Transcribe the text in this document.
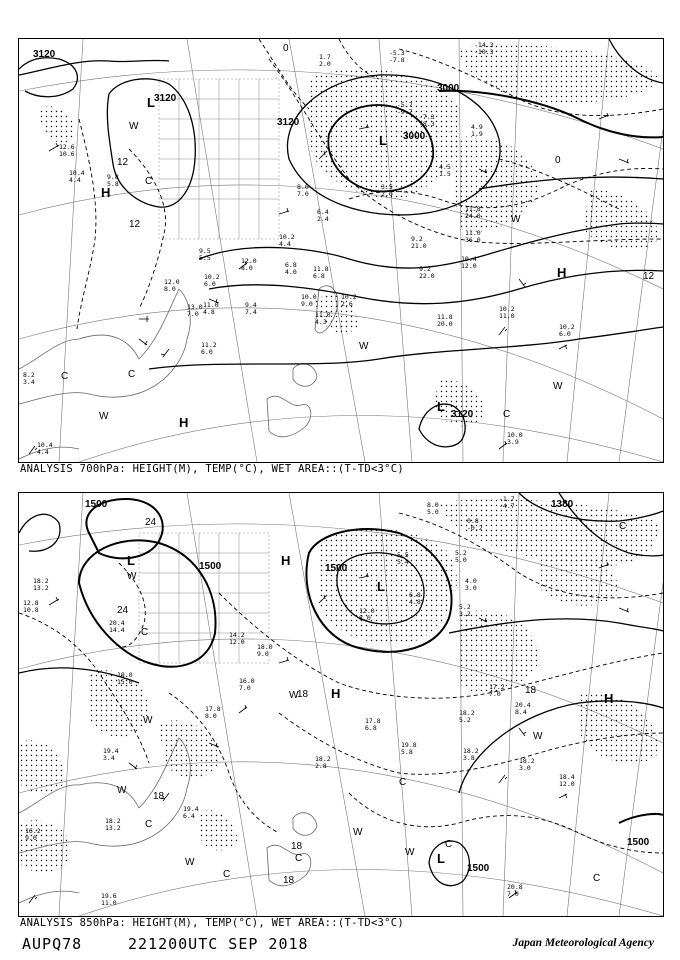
L
L
L
H
H
H
W
W
W
W
W
C
C	C
C
3120
3120
3120
3000
3000
3120
12
12
0
0
12
12.6
10.6
10.4
4.4	9.8
5.8
1.7
2.0
-5.3
-7.8
-14.3
-10.3
-5.7
-9.7
-7.3
-8.3
4.5
1.5
4.9
1.9
8.0
7.0
6.4
2.4
3.5
2.0
11.8
24.0
11.0
36.0
9.2
21.0
10.4
12.0
9.2
22.0
10.2
4.4
12.0
8.0
9.5
5.5
10.2
6.0
11.0
4.8
9.4
7.4
6.8
4.0
10.0
9.0
11.8
6.8
11.0
4.3
10.2
2.6
12.0
8.0
11.2
6.0
13.0
7.0	11.8
20.0
10.2
11.0
10.2
6.0
10.0
3.9
10.4
4.4
8.2
3.4
ANALYSIS 700hPa: HEIGHT(M), TEMP(°C), WET AREA::(T-TD<3°C)
L
L
L
H
H
H
W
W
W
W
W
W
W
W
C
C
C
C
C
C
C
C
1500
1500	1500
1380
1500
1500
24
24
18	18
18
18
18
18.2
13.2
12.8
10.8
20.4
14.4
18.0
15.0
19.4
3.4
19.4
6.4
19.6
11.0
18.2
13.2
16.2
9.0
-1.7
-4.7
8.0
5.0
0.8
-0.2
5.2
5.0
4.0
3.0
5.5
5.4
6.8
4.8
5.2
3.2
12.0
8.0
14.2
12.0
18.0
9.0
17.2
7.0
20.4
8.4
18.2
5.2
18.2
3.8	18.2
3.0
18.4
12.0
17.8
6.8
18.2
2.8
17.8
8.0
16.0
7.0
19.8
5.8
20.8
7.0
ANALYSIS 850hPa: HEIGHT(M), TEMP(°C), WET AREA::(T-TD<3°C)
AUPQ78	221200UTC SEP 2018	Japan Meteorological Agency
